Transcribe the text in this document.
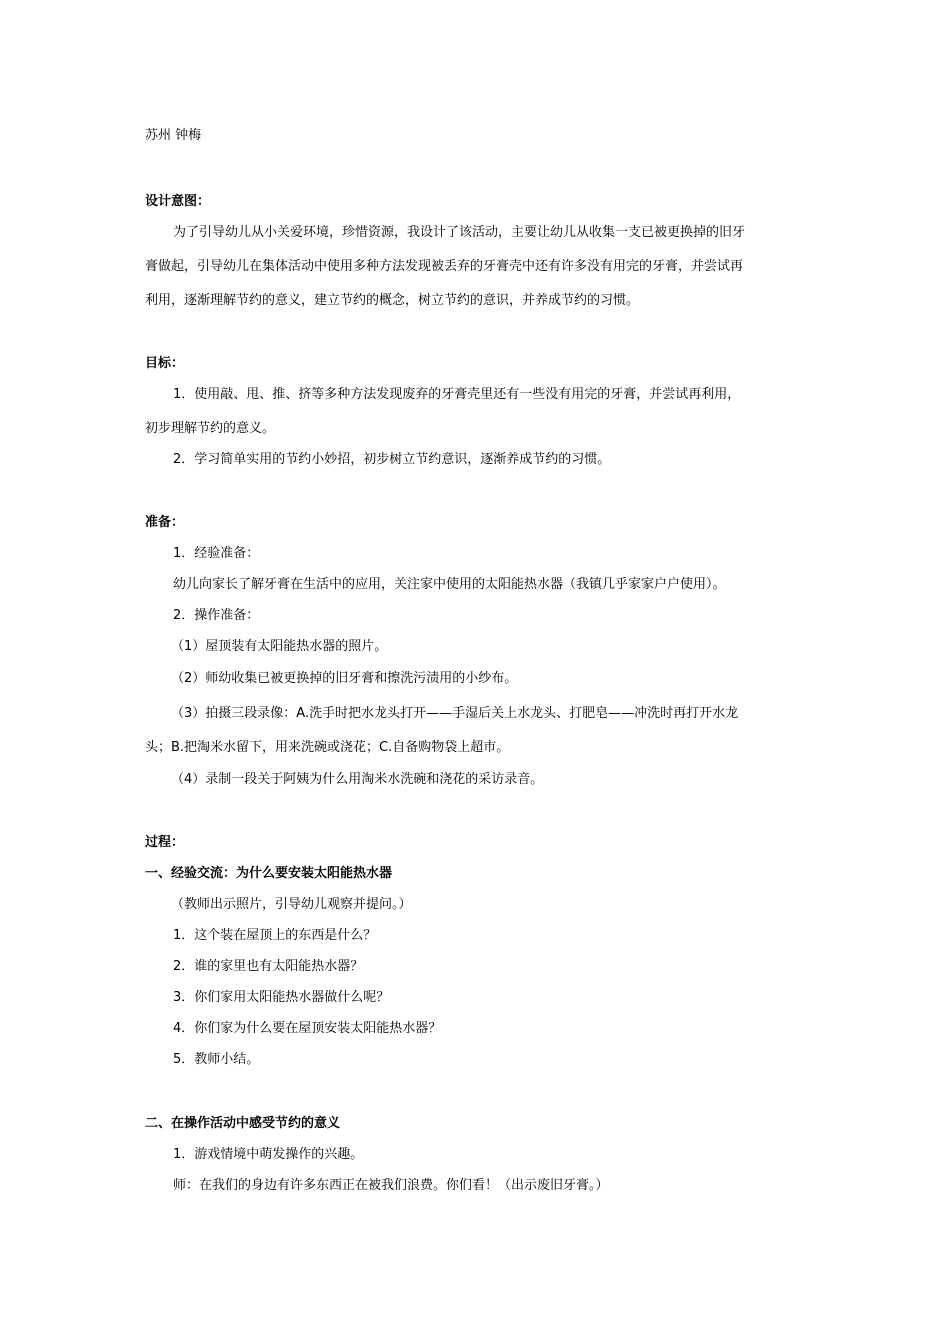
苏州 钟梅
设计意图：
为了引导幼儿从小关爱环境，珍惜资源，我设计了该活动，主要让幼儿从收集一支已被更换掉的旧牙
膏做起，引导幼儿在集体活动中使用多种方法发现被丢弃的牙膏壳中还有许多没有用完的牙膏，并尝试再
利用，逐渐理解节约的意义，建立节约的概念，树立节约的意识，并养成节约的习惯。
目标：
1．使用敲、甩、推、挤等多种方法发现废弃的牙膏壳里还有一些没有用完的牙膏，并尝试再利用，
初步理解节约的意义。
2．学习简单实用的节约小妙招，初步树立节约意识，逐渐养成节约的习惯。
准备：
1．经验准备：
幼儿向家长了解牙膏在生活中的应用，关注家中使用的太阳能热水器（我镇几乎家家户户使用）。
2．操作准备：
（1）屋顶装有太阳能热水器的照片。
（2）师幼收集已被更换掉的旧牙膏和擦洗污渍用的小纱布。
（3）拍摄三段录像：A.洗手时把水龙头打开——手湿后关上水龙头、打肥皂——冲洗时再打开水龙
头；B.把淘米水留下，用来洗碗或浇花；C.自备购物袋上超市。
（4）录制一段关于阿姨为什么用淘米水洗碗和浇花的采访录音。
过程：
一、经验交流：为什么要安装太阳能热水器
（教师出示照片，引导幼儿观察并提问。）
1．这个装在屋顶上的东西是什么？
2．谁的家里也有太阳能热水器？
3．你们家用太阳能热水器做什么呢？
4．你们家为什么要在屋顶安装太阳能热水器？
5．教师小结。
二、在操作活动中感受节约的意义
1．游戏情境中萌发操作的兴趣。
师：在我们的身边有许多东西正在被我们浪费。你们看！（出示废旧牙膏。）
